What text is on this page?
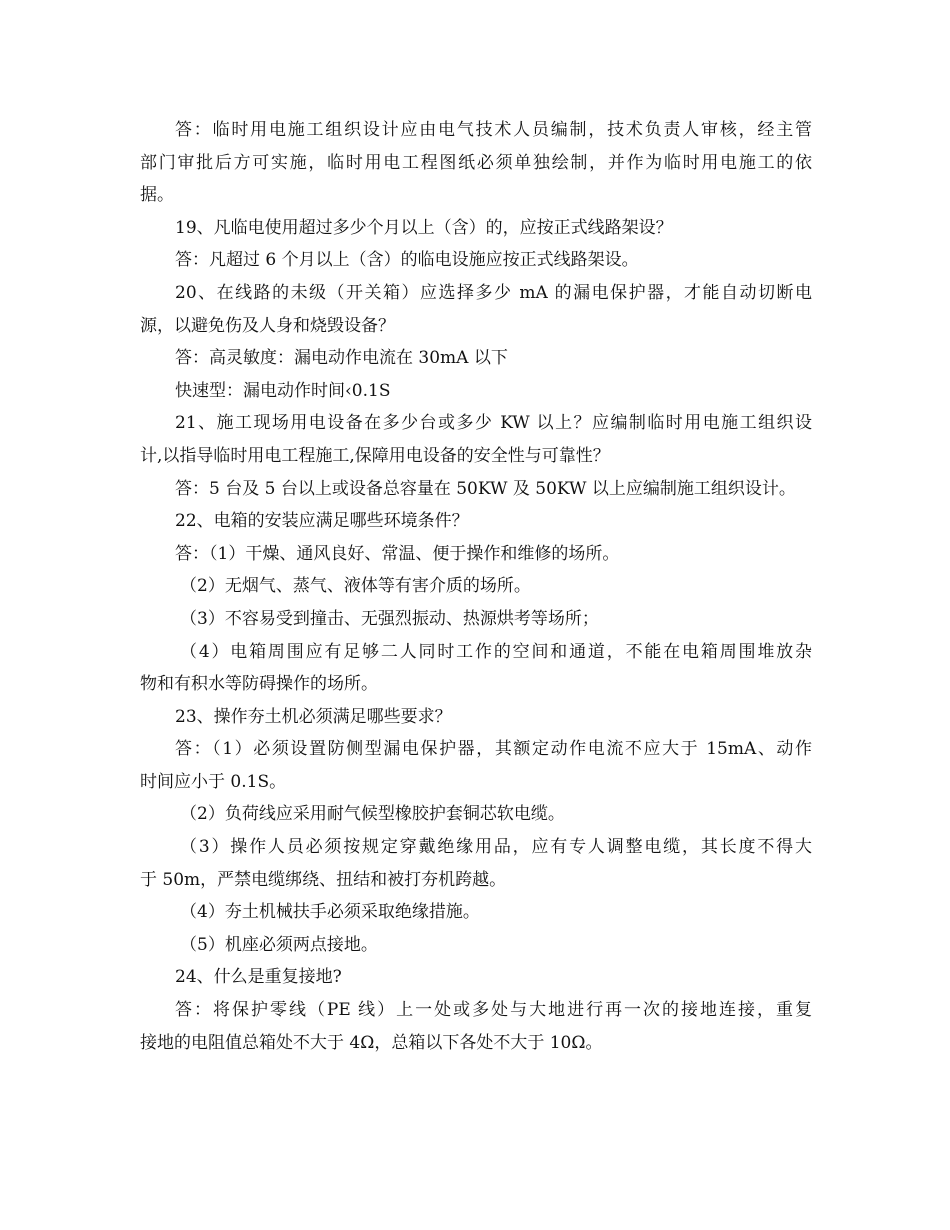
答：临时用电施工组织设计应由电气技术人员编制，技术负责人审核，经主管
部门审批后方可实施，临时用电工程图纸必须单独绘制，并作为临时用电施工的依
据。
19、凡临电使用超过多少个月以上（含）的，应按正式线路架设？
答：凡超过 6 个月以上（含）的临电设施应按正式线路架设。
20、在线路的未级（开关箱）应选择多少 mA 的漏电保护器，才能自动切断电
源，以避免伤及人身和烧毁设备？
答：高灵敏度：漏电动作电流在 30mA 以下
快速型：漏电动作时间‹0.1S
21、施工现场用电设备在多少台或多少 KW 以上？应编制临时用电施工组织设
计,以指导临时用电工程施工,保障用电设备的安全性与可靠性？
答：5 台及 5 台以上或设备总容量在 50KW 及 50KW 以上应编制施工组织设计。
22、电箱的安装应满足哪些环境条件？
答：（1）干燥、通风良好、常温、便于操作和维修的场所。
（2）无烟气、蒸气、液体等有害介质的场所。
（3）不容易受到撞击、无强烈振动、热源烘考等场所；
（4）电箱周围应有足够二人同时工作的空间和通道，不能在电箱周围堆放杂
物和有积水等防碍操作的场所。
23、操作夯土机必须满足哪些要求？
答：（1）必须设置防侧型漏电保护器，其额定动作电流不应大于 15mA、动作
时间应小于 0.1S。
（2）负荷线应采用耐气候型橡胶护套铜芯软电缆。
（3）操作人员必须按规定穿戴绝缘用品，应有专人调整电缆，其长度不得大
于 50m，严禁电缆绑绕、扭结和被打夯机跨越。
（4）夯土机械扶手必须采取绝缘措施。
（5）机座必须两点接地。
24、什么是重复接地?
答：将保护零线（PE 线）上一处或多处与大地进行再一次的接地连接，重复
接地的电阻值总箱处不大于 4Ω，总箱以下各处不大于 10Ω。
